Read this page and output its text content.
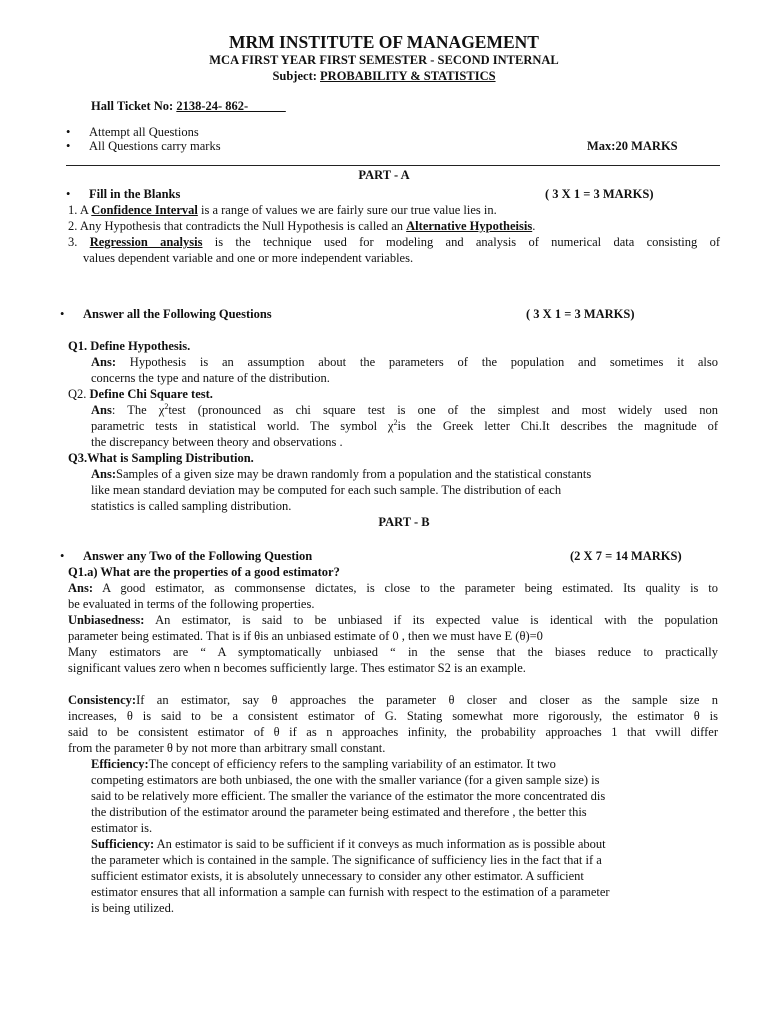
MRM INSTITUTE OF MANAGEMENT
MCA FIRST YEAR FIRST SEMESTER - SECOND INTERNAL
Subject: PROBABILITY & STATISTICS
Hall Ticket No: 2138-24- 862-______
• Attempt all Questions
• All Questions carry marks	Max:20 MARKS
PART - A
• Fill in the Blanks	( 3 X 1 = 3 MARKS)
1. A Confidence Interval is a range of values we are fairly sure our true value lies in.
2. Any Hypothesis that contradicts the Null Hypothesis is called an Alternative Hypotheisis.
3. Regression analysis is the technique used for modeling and analysis of numerical data consisting of
values dependent variable and one or more independent variables.
• Answer all the Following Questions	( 3 X 1 = 3 MARKS)
Q1. Define Hypothesis.
Ans: Hypothesis is an assumption about the parameters of the population and sometimes it also
concerns the type and nature of the distribution.
Q2. Define Chi Square test.
Ans: The $\chi^2test$ (pronounced as chi square test is one of the simplest and most widely used non
parametric tests in statistical world. The symbol $\chi^2is$ the Greek letter Chi.It describes the magnitude of
the discrepancy between theory and observations .
Q3.What is Sampling Distribution.
Ans:Samples of a given size may be drawn randomly from a population and the statistical constants
like mean standard deviation may be computed for each such sample. The distribution of each
statistics is called sampling distribution.
PART - B
• Answer any Two of the Following Question	(2 X 7 = 14 MARKS)
Q1.a) What are the properties of a good estimator?
Ans: A good estimator, as commonsense dictates, is close to the parameter being estimated. Its quality is to
be evaluated in terms of the following properties.
Unbiasedness: An estimator, is said to be unbiased if its expected value is identical with the population
parameter being estimated. That is if θis an unbiased estimate of 0 , then we must have E (θ)=0
Many estimators are “ A symptomatically unbiased “ in the sense that the biases reduce to practically
significant values zero when n becomes sufficiently large. Thes estimator S2 is an example.
Consistency:If an estimator, say θ approaches the parameter θ closer and closer as the sample size n
increases, θ is said to be a consistent estimator of G. Stating somewhat more rigorously, the estimator θ is
said to be consistent estimator of θ if as n approaches infinity, the probability approaches 1 that vwill differ
from the parameter θ by not more than arbitrary small constant.
Efficiency:The concept of efficiency refers to the sampling variability of an estimator. It two
competing estimators are both unbiased, the one with the smaller variance (for a given sample size) is
said to be relatively more efficient. The smaller the variance of the estimator the more concentrated dis
the distribution of the estimator around the parameter being estimated and therefore , the better this
estimator is.
Sufficiency: An estimator is said to be sufficient if it conveys as much information as is possible about
the parameter which is contained in the sample. The significance of sufficiency lies in the fact that if a
sufficient estimator exists, it is absolutely unnecessary to consider any other estimator. A sufficient
estimator ensures that all information a sample can furnish with respect to the estimation of a parameter
is being utilized.
